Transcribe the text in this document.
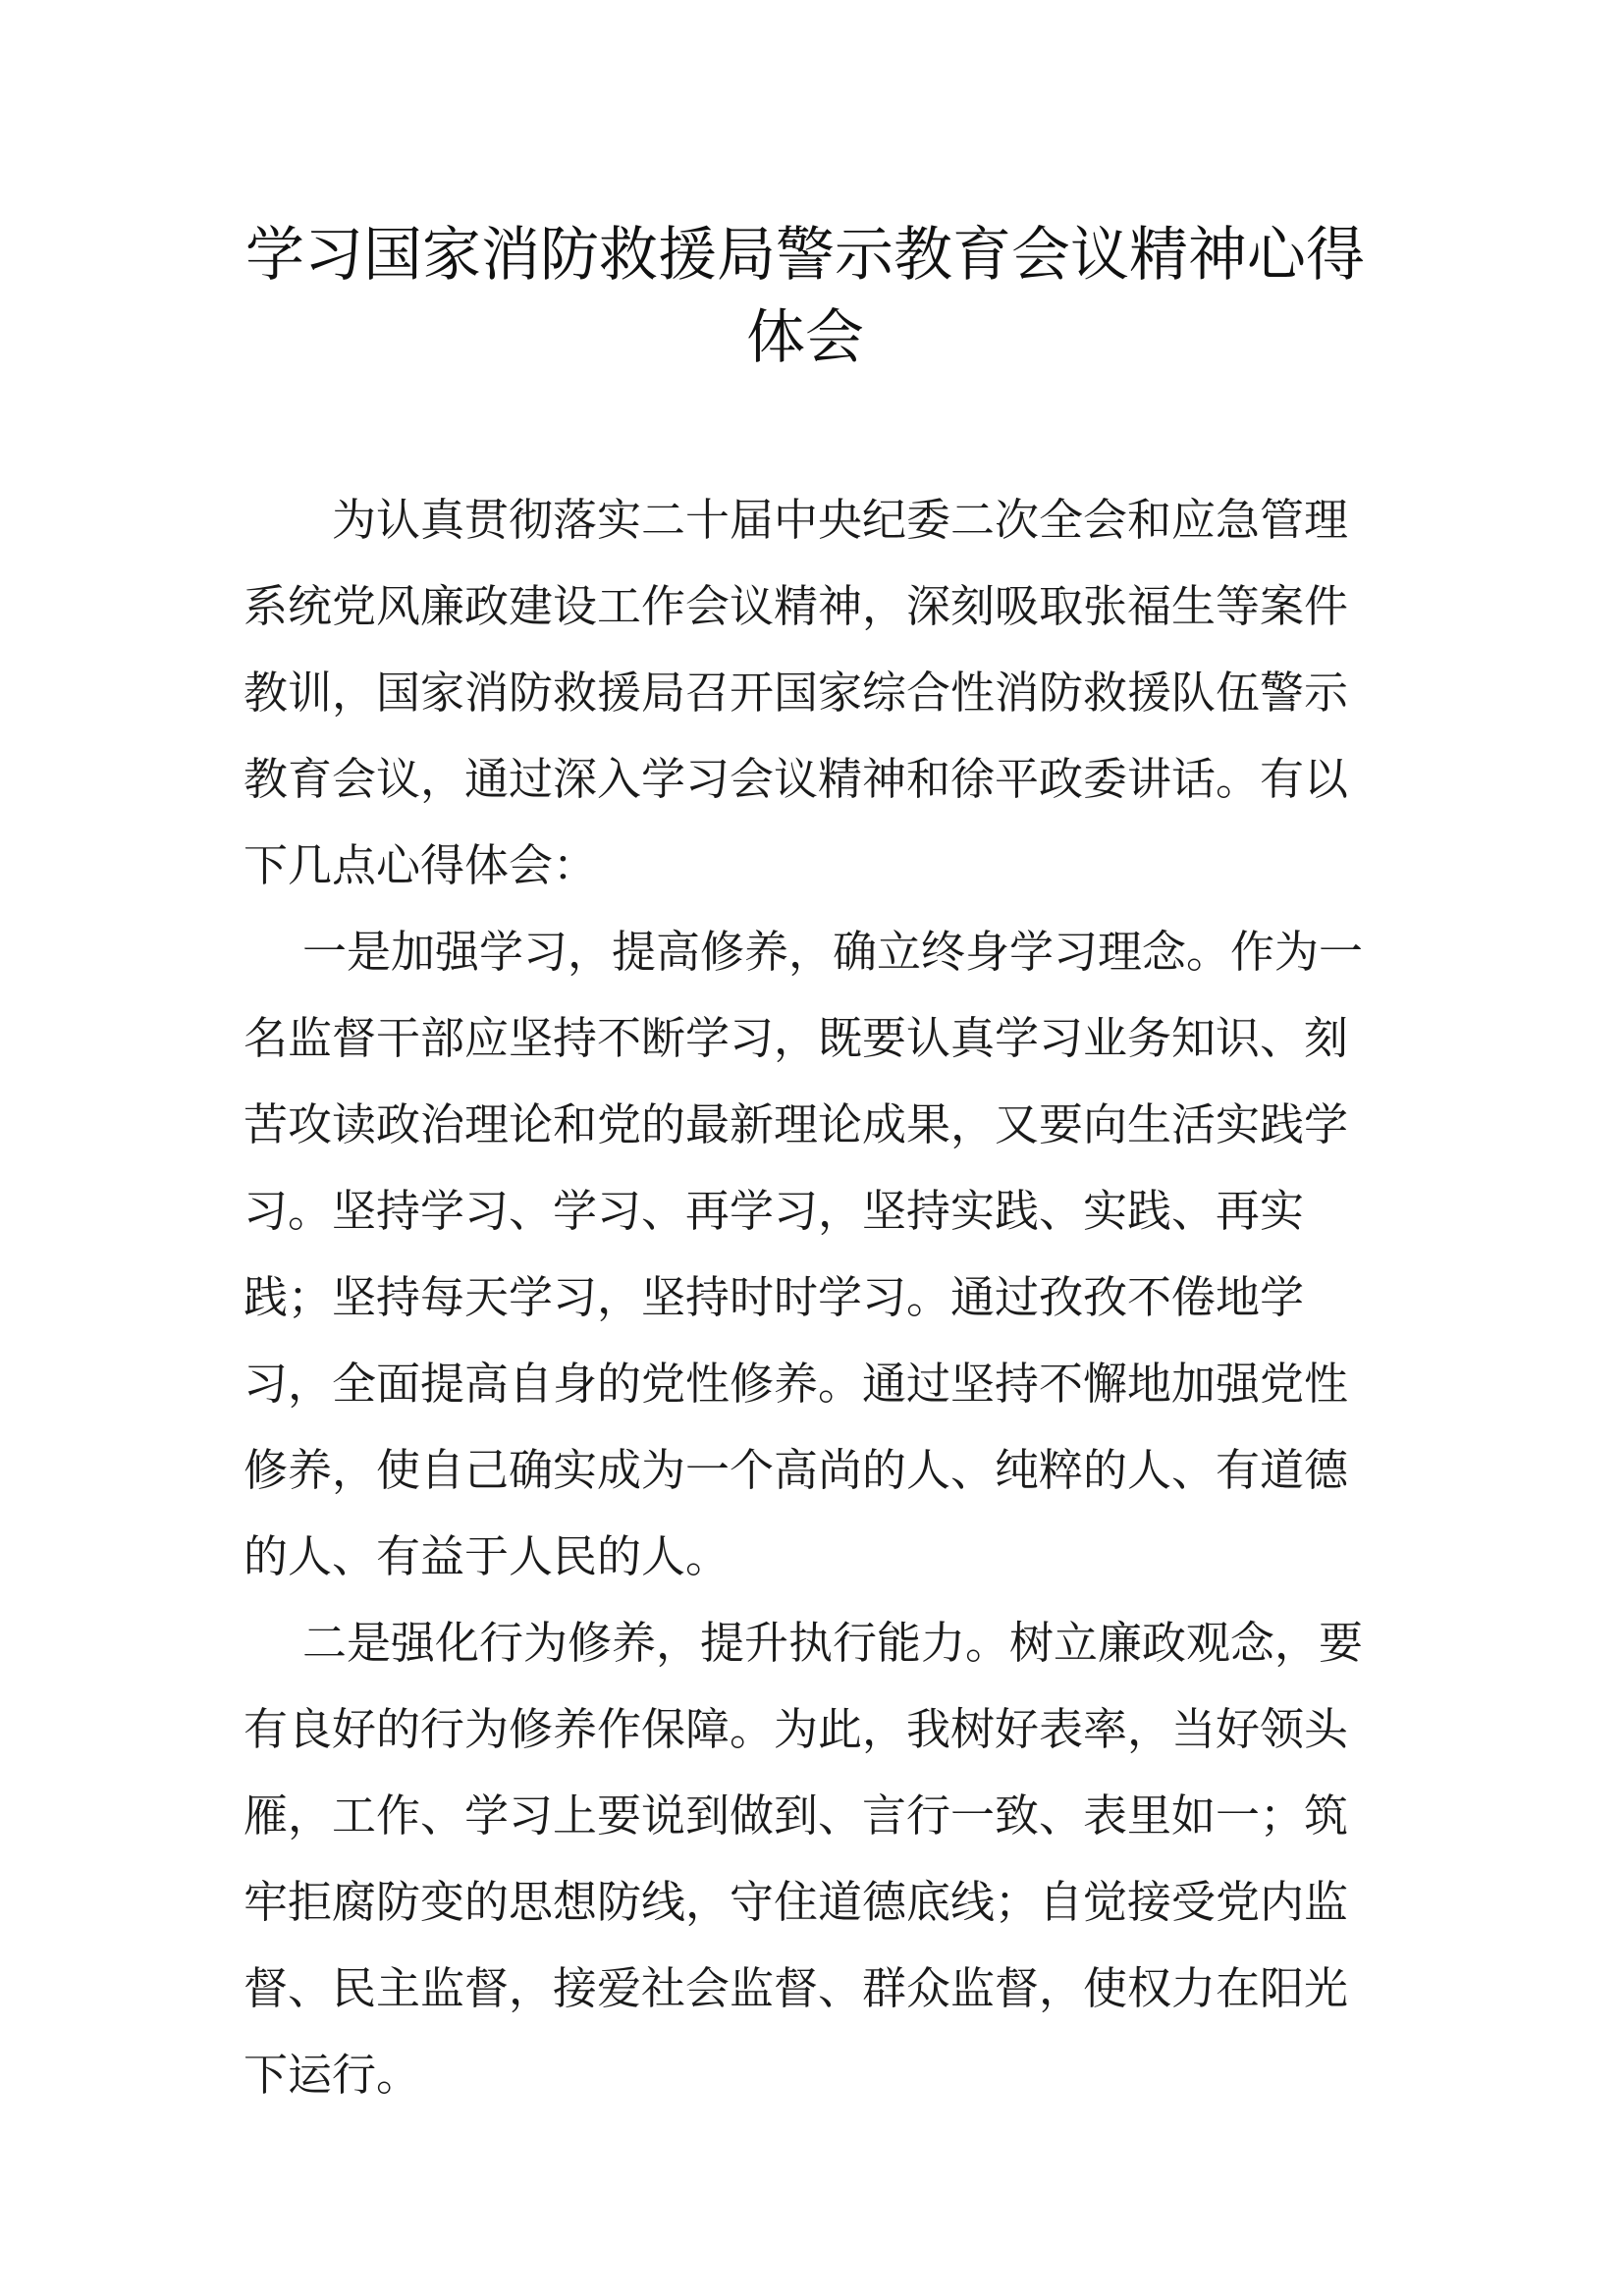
学习国家消防救援局警示教育会议精神心得体会

为认真贯彻落实二十届中央纪委二次全会和应急管理系统党风廉政建设工作会议精神，深刻吸取张福生等案件教训，国家消防救援局召开国家综合性消防救援队伍警示教育会议，通过深入学习会议精神和徐平政委讲话。有以下几点心得体会：

一是加强学习，提高修养，确立终身学习理念。作为一名监督干部应坚持不断学习，既要认真学习业务知识、刻苦攻读政治理论和党的最新理论成果，又要向生活实践学习。坚持学习、学习、再学习，坚持实践、实践、再实践；坚持每天学习，坚持时时学习。通过孜孜不倦地学习，全面提高自身的党性修养。通过坚持不懈地加强党性修养，使自己确实成为一个高尚的人、纯粹的人、有道德的人、有益于人民的人。

二是强化行为修养，提升执行能力。树立廉政观念，要有良好的行为修养作保障。为此，我树好表率，当好领头雁，工作、学习上要说到做到、言行一致、表里如一；筑牢拒腐防变的思想防线，守住道德底线；自觉接受党内监督、民主监督，接爱社会监督、群众监督，使权力在阳光下运行。
